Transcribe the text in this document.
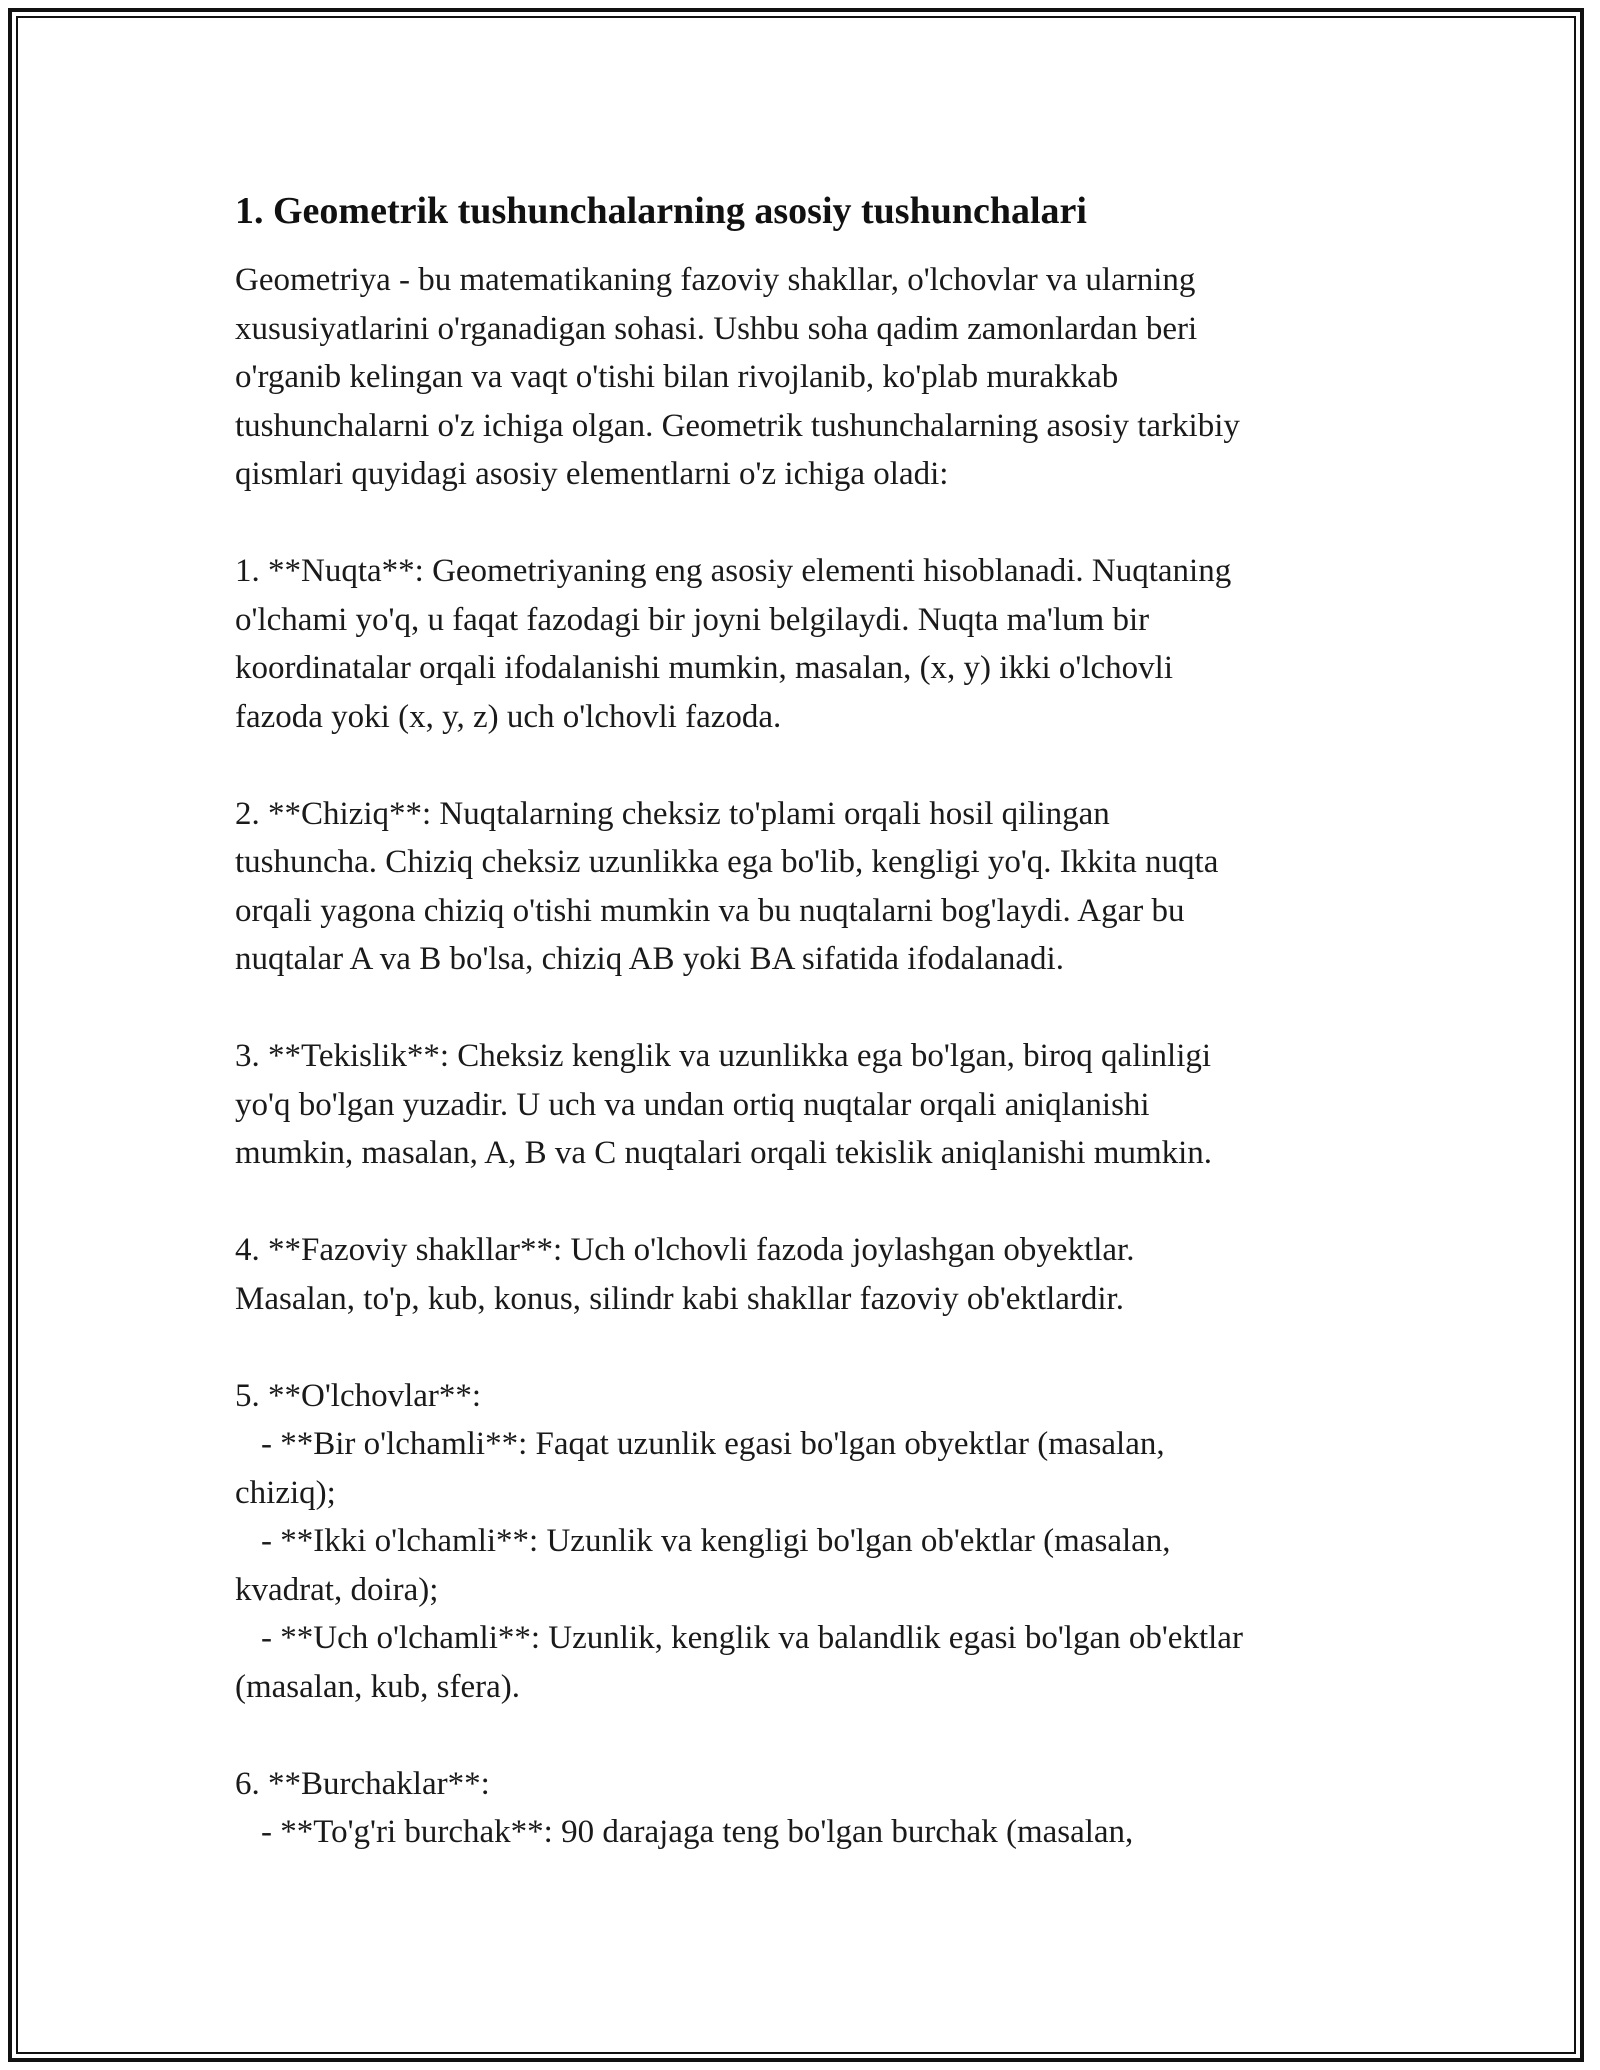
1. Geometrik tushunchalarning asosiy tushunchalari
Geometriya - bu matematikaning fazoviy shakllar, o'lchovlar va ularning
xususiyatlarini o'rganadigan sohasi. Ushbu soha qadim zamonlardan beri
o'rganib kelingan va vaqt o'tishi bilan rivojlanib, ko'plab murakkab
tushunchalarni o'z ichiga olgan. Geometrik tushunchalarning asosiy tarkibiy
qismlari quyidagi asosiy elementlarni o'z ichiga oladi:
1. **Nuqta**: Geometriyaning eng asosiy elementi hisoblanadi. Nuqtaning
o'lchami yo'q, u faqat fazodagi bir joyni belgilaydi. Nuqta ma'lum bir
koordinatalar orqali ifodalanishi mumkin, masalan, (x, y) ikki o'lchovli
fazoda yoki (x, y, z) uch o'lchovli fazoda.
2. **Chiziq**: Nuqtalarning cheksiz to'plami orqali hosil qilingan
tushuncha. Chiziq cheksiz uzunlikka ega bo'lib, kengligi yo'q. Ikkita nuqta
orqali yagona chiziq o'tishi mumkin va bu nuqtalarni bog'laydi. Agar bu
nuqtalar A va B bo'lsa, chiziq AB yoki BA sifatida ifodalanadi.
3. **Tekislik**: Cheksiz kenglik va uzunlikka ega bo'lgan, biroq qalinligi
yo'q bo'lgan yuzadir. U uch va undan ortiq nuqtalar orqali aniqlanishi
mumkin, masalan, A, B va C nuqtalari orqali tekislik aniqlanishi mumkin.
4. **Fazoviy shakllar**: Uch o'lchovli fazoda joylashgan obyektlar.
Masalan, to'p, kub, konus, silindr kabi shakllar fazoviy ob'ektlardir.
5. **O'lchovlar**:
- **Bir o'lchamli**: Faqat uzunlik egasi bo'lgan obyektlar (masalan,
chiziq);
- **Ikki o'lchamli**: Uzunlik va kengligi bo'lgan ob'ektlar (masalan,
kvadrat, doira);
- **Uch o'lchamli**: Uzunlik, kenglik va balandlik egasi bo'lgan ob'ektlar
(masalan, kub, sfera).
6. **Burchaklar**:
- **To'g'ri burchak**: 90 darajaga teng bo'lgan burchak (masalan,
